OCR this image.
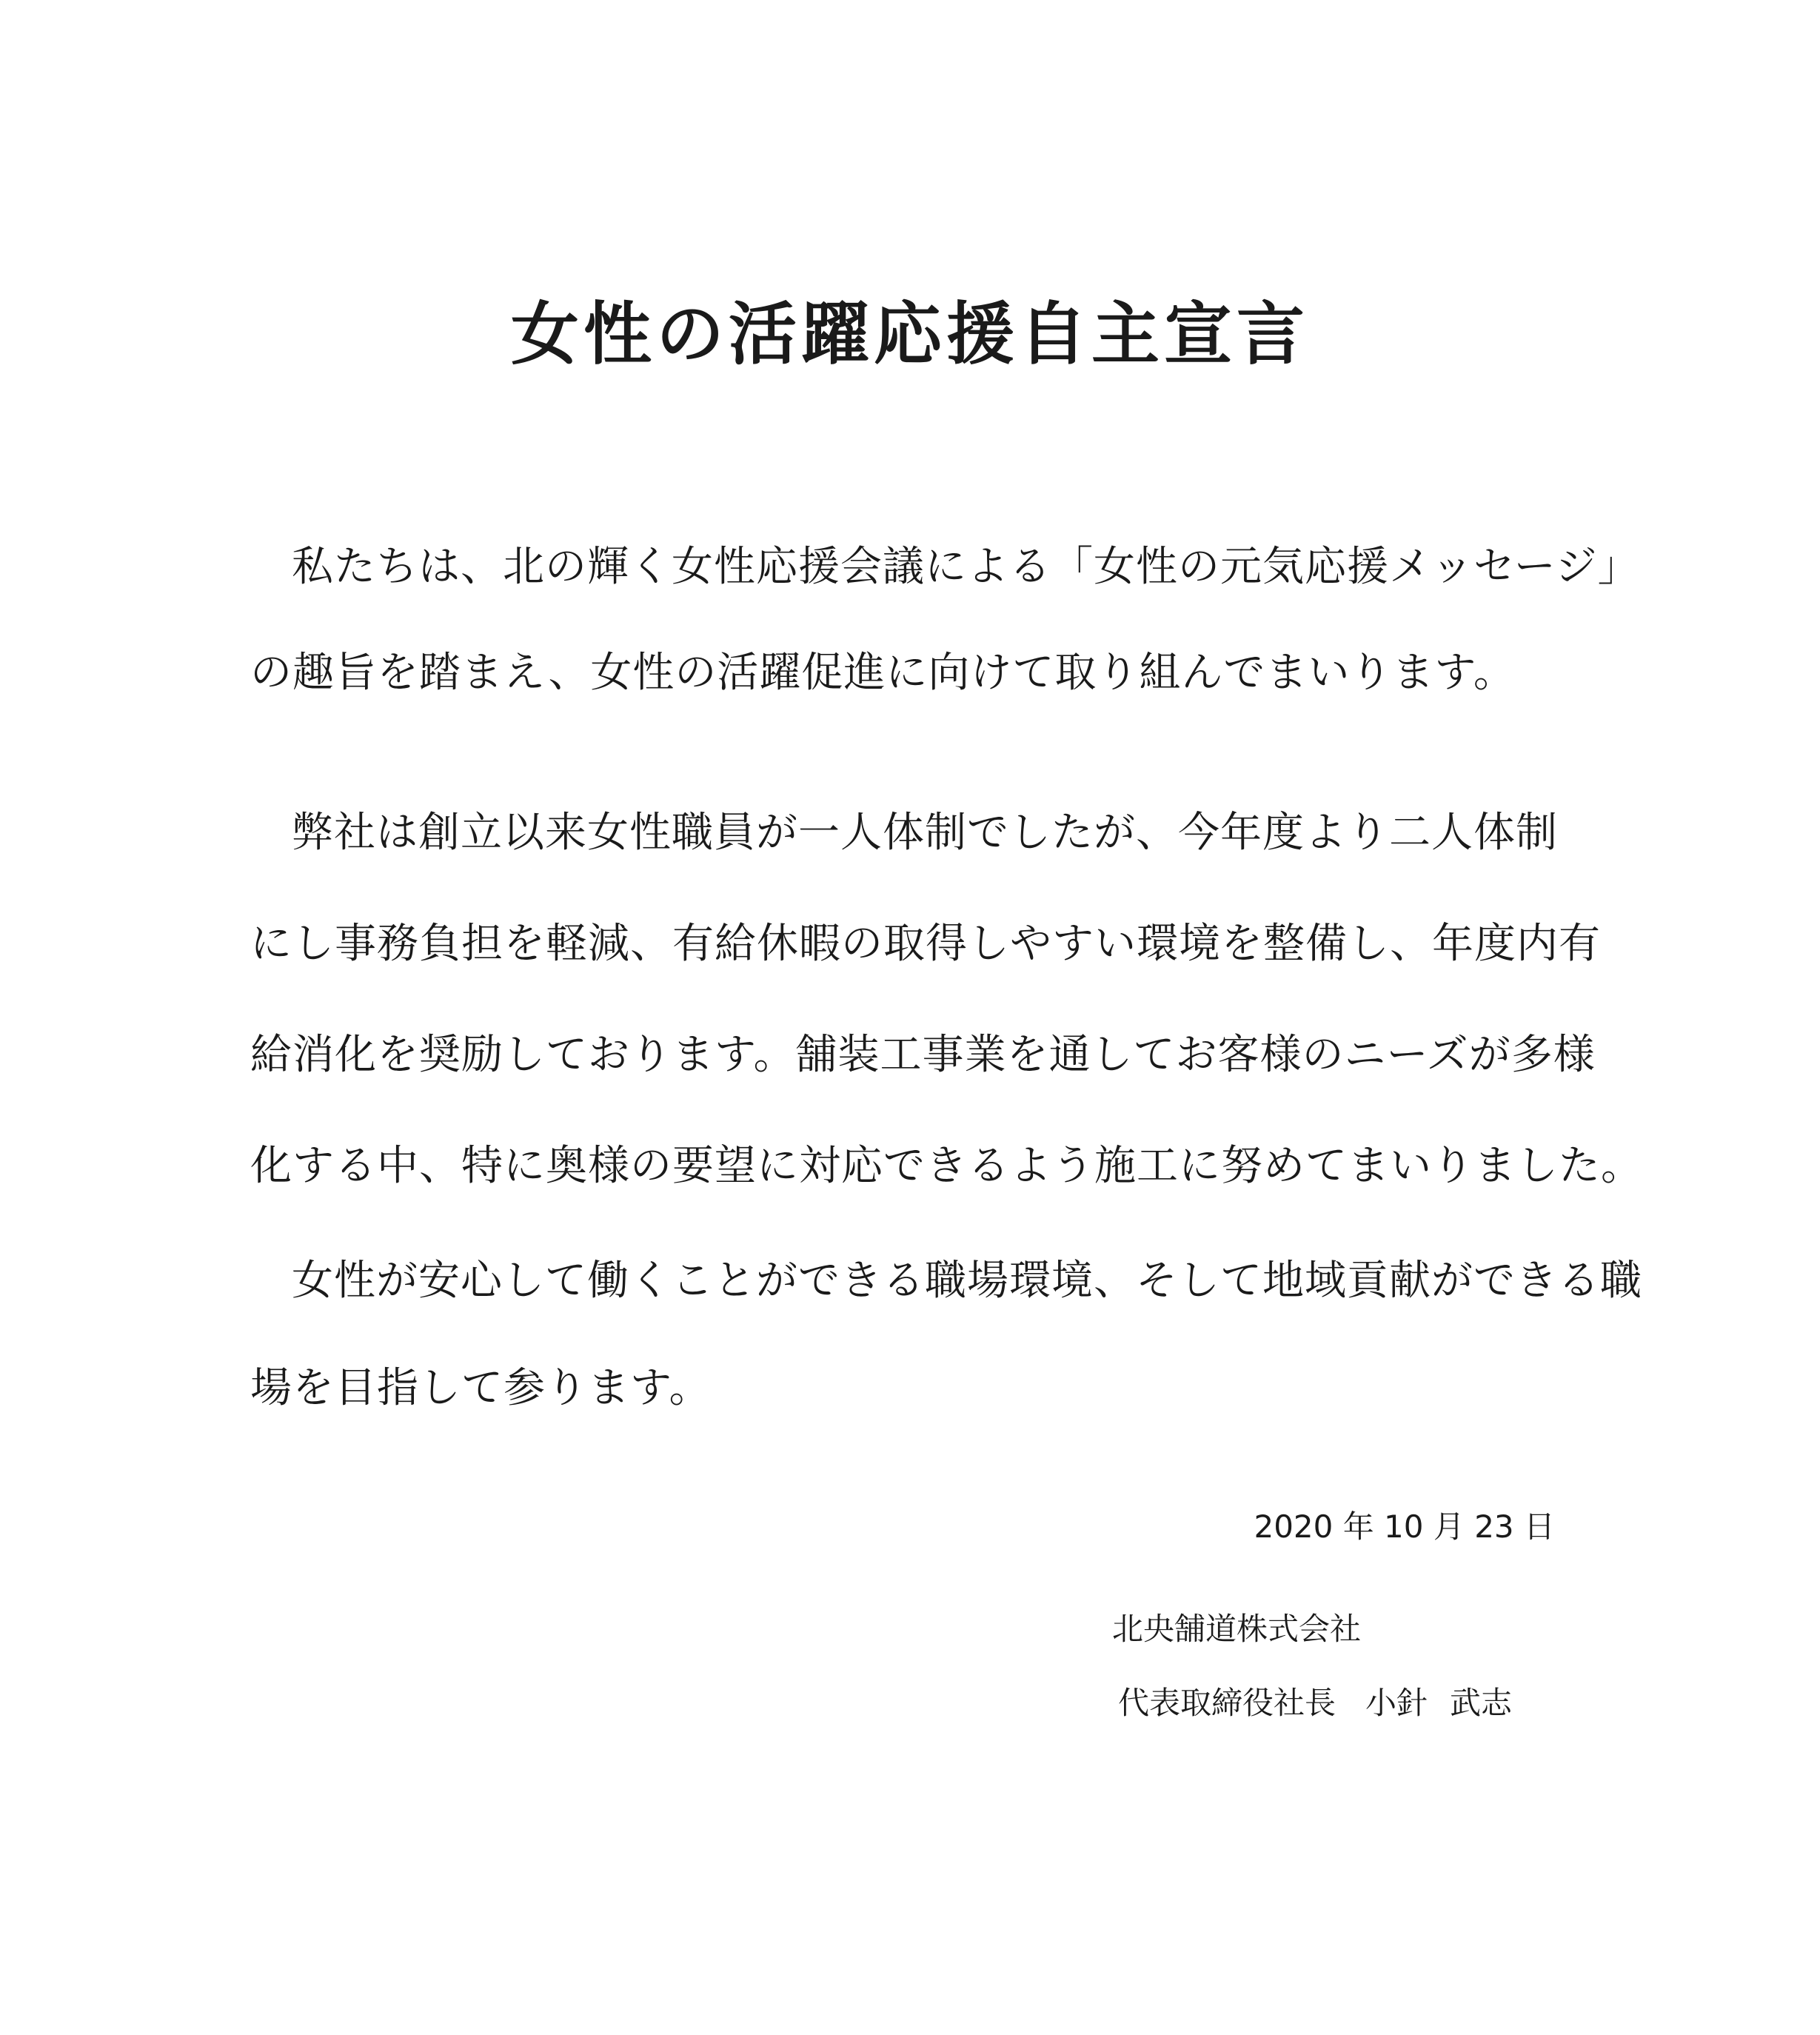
女性の活躍応援自主宣言
私たちは、北の輝く女性応援会議による「女性の元気応援メッセージ」
の趣旨を踏まえ、女性の活躍促進に向けて取り組んでまいります。
弊社は創立以来女性職員が一人体制でしたが、今年度より二人体制
にし事務負担を軽減、有給休暇の取得しやすい環境を整備し、年度内有
給消化を奨励しております。舗装工事業を通してお客様のニーズが多様
化する中、特に奥様の要望に対応できるよう施工に努めてまいりました。
女性が安心して働くことができる職場環境、そして地域貢献ができる職
場を目指して参ります。
2020 年 10 月 23 日
北央舗道株式会社
代表取締役社長 小針 武志
